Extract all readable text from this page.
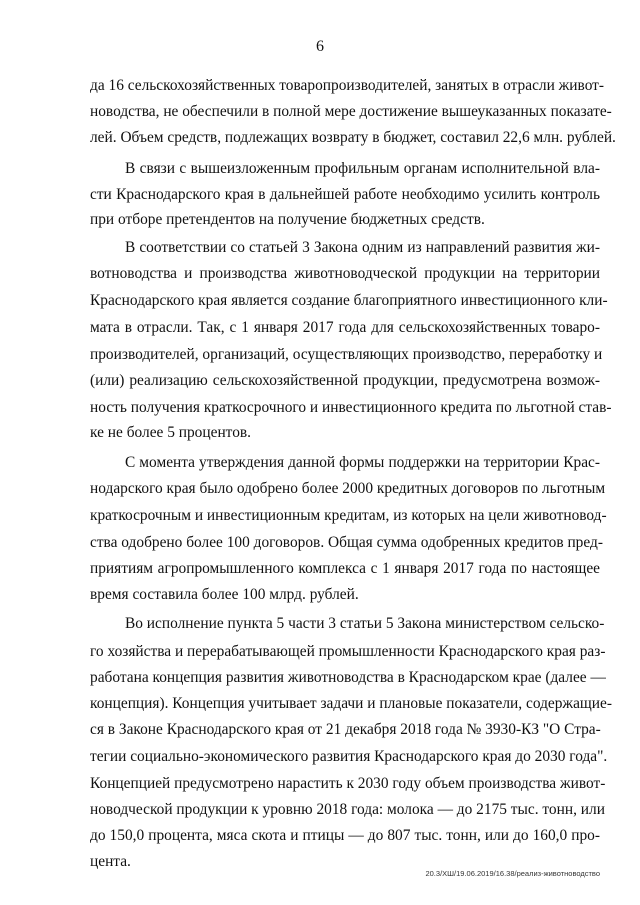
6
да 16 сельскохозяйственных товаропроизводителей, занятых в отрасли живот-
новодства, не обеспечили в полной мере достижение вышеуказанных показате-
лей. Объем средств, подлежащих возврату в бюджет, составил 22,6 млн. рублей.
В связи с вышеизложенным профильным органам исполнительной вла-
сти Краснодарского края в дальнейшей работе необходимо усилить контроль
при отборе претендентов на получение бюджетных средств.
В соответствии со статьей 3 Закона одним из направлений развития жи-
вотноводства и производства животноводческой продукции на территории
Краснодарского края является создание благоприятного инвестиционного кли-
мата в отрасли. Так, с 1 января 2017 года для сельскохозяйственных товаро-
производителей, организаций, осуществляющих производство, переработку и
(или) реализацию сельскохозяйственной продукции, предусмотрена возмож-
ность получения краткосрочного и инвестиционного кредита по льготной став-
ке не более 5 процентов.
С момента утверждения данной формы поддержки на территории Крас-
нодарского края было одобрено более 2000 кредитных договоров по льготным
краткосрочным и инвестиционным кредитам, из которых на цели животновод-
ства одобрено более 100 договоров. Общая сумма одобренных кредитов пред-
приятиям агропромышленного комплекса с 1 января 2017 года по настоящее
время составила более 100 млрд. рублей.
Во исполнение пункта 5 части 3 статьи 5 Закона министерством сельско-
го хозяйства и перерабатывающей промышленности Краснодарского края раз-
работана концепция развития животноводства в Краснодарском крае (далее —
концепция). Концепция учитывает задачи и плановые показатели, содержащие-
ся в Законе Краснодарского края от 21 декабря 2018 года № 3930-КЗ "О Стра-
тегии социально-экономического развития Краснодарского края до 2030 года".
Концепцией предусмотрено нарастить к 2030 году объем производства живот-
новодческой продукции к уровню 2018 года: молока — до 2175 тыс. тонн, или
до 150,0 процента, мяса скота и птицы — до 807 тыс. тонн, или до 160,0 про-
цента.
20.3/ХШ/19.06.2019/16.38/реализ-животноводство
